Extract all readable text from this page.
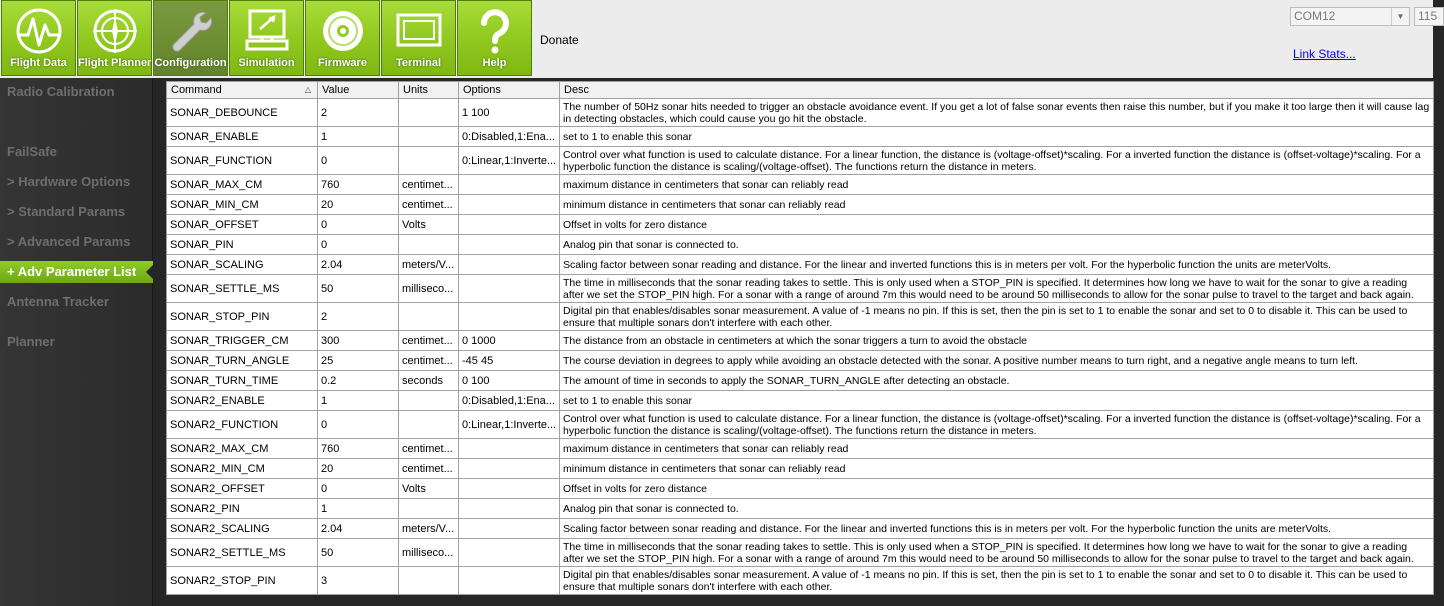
Flight Data	Flight Planner Configuration	Simulation	Firmware	Terminal	Help
Donate
COM12	▼	115
Link Stats...
Radio Calibration
FailSafe
> Hardware Options
> Standard Params
> Advanced Params
+ Adv Parameter List
Antenna Tracker
Planner
Command △	Value	Units	Options	Desc
SONAR_DEBOUNCE	2		1 100	The number of 50Hz sonar hits needed to trigger an obstacle avoidance event. If you get a lot of false sonar events then raise this number, but if you make it too large then it will cause lag in detecting obstacles, which could cause you go hit the obstacle.
SONAR_ENABLE	1		0:Disabled,1:Ena...	set to 1 to enable this sonar
SONAR_FUNCTION	0		0:Linear,1:Inverte...	Control over what function is used to calculate distance. For a linear function, the distance is (voltage-offset)*scaling. For a inverted function the distance is (offset-voltage)*scaling. For a hyperbolic function the distance is scaling/(voltage-offset). The functions return the distance in meters.
SONAR_MAX_CM	760	centimet...		maximum distance in centimeters that sonar can reliably read
SONAR_MIN_CM	20	centimet...		minimum distance in centimeters that sonar can reliably read
SONAR_OFFSET	0	Volts		Offset in volts for zero distance
SONAR_PIN	0			Analog pin that sonar is connected to.
SONAR_SCALING	2.04	meters/V...		Scaling factor between sonar reading and distance. For the linear and inverted functions this is in meters per volt. For the hyperbolic function the units are meterVolts.
SONAR_SETTLE_MS	50	milliseco...		The time in milliseconds that the sonar reading takes to settle. This is only used when a STOP_PIN is specified. It determines how long we have to wait for the sonar to give a reading after we set the STOP_PIN high. For a sonar with a range of around 7m this would need to be around 50 milliseconds to allow for the sonar pulse to travel to the target and back again.
SONAR_STOP_PIN	2			Digital pin that enables/disables sonar measurement. A value of -1 means no pin. If this is set, then the pin is set to 1 to enable the sonar and set to 0 to disable it. This can be used to ensure that multiple sonars don't interfere with each other.
SONAR_TRIGGER_CM	300	centimet...	0 1000	The distance from an obstacle in centimeters at which the sonar triggers a turn to avoid the obstacle
SONAR_TURN_ANGLE	25	centimet...	-45 45	The course deviation in degrees to apply while avoiding an obstacle detected with the sonar. A positive number means to turn right, and a negative angle means to turn left.
SONAR_TURN_TIME	0.2	seconds	0 100	The amount of time in seconds to apply the SONAR_TURN_ANGLE after detecting an obstacle.
SONAR2_ENABLE	1		0:Disabled,1:Ena...	set to 1 to enable this sonar
SONAR2_FUNCTION	0		0:Linear,1:Inverte...	Control over what function is used to calculate distance. For a linear function, the distance is (voltage-offset)*scaling. For a inverted function the distance is (offset-voltage)*scaling. For a hyperbolic function the distance is scaling/(voltage-offset). The functions return the distance in meters.
SONAR2_MAX_CM	760	centimet...		maximum distance in centimeters that sonar can reliably read
SONAR2_MIN_CM	20	centimet...		minimum distance in centimeters that sonar can reliably read
SONAR2_OFFSET	0	Volts		Offset in volts for zero distance
SONAR2_PIN	1			Analog pin that sonar is connected to.
SONAR2_SCALING	2.04	meters/V...		Scaling factor between sonar reading and distance. For the linear and inverted functions this is in meters per volt. For the hyperbolic function the units are meterVolts.
SONAR2_SETTLE_MS	50	milliseco...		The time in milliseconds that the sonar reading takes to settle. This is only used when a STOP_PIN is specified. It determines how long we have to wait for the sonar to give a reading after we set the STOP_PIN high. For a sonar with a range of around 7m this would need to be around 50 milliseconds to allow for the sonar pulse to travel to the target and back again.
SONAR2_STOP_PIN	3			Digital pin that enables/disables sonar measurement. A value of -1 means no pin. If this is set, then the pin is set to 1 to enable the sonar and set to 0 to disable it. This can be used to ensure that multiple sonars don't interfere with each other.
